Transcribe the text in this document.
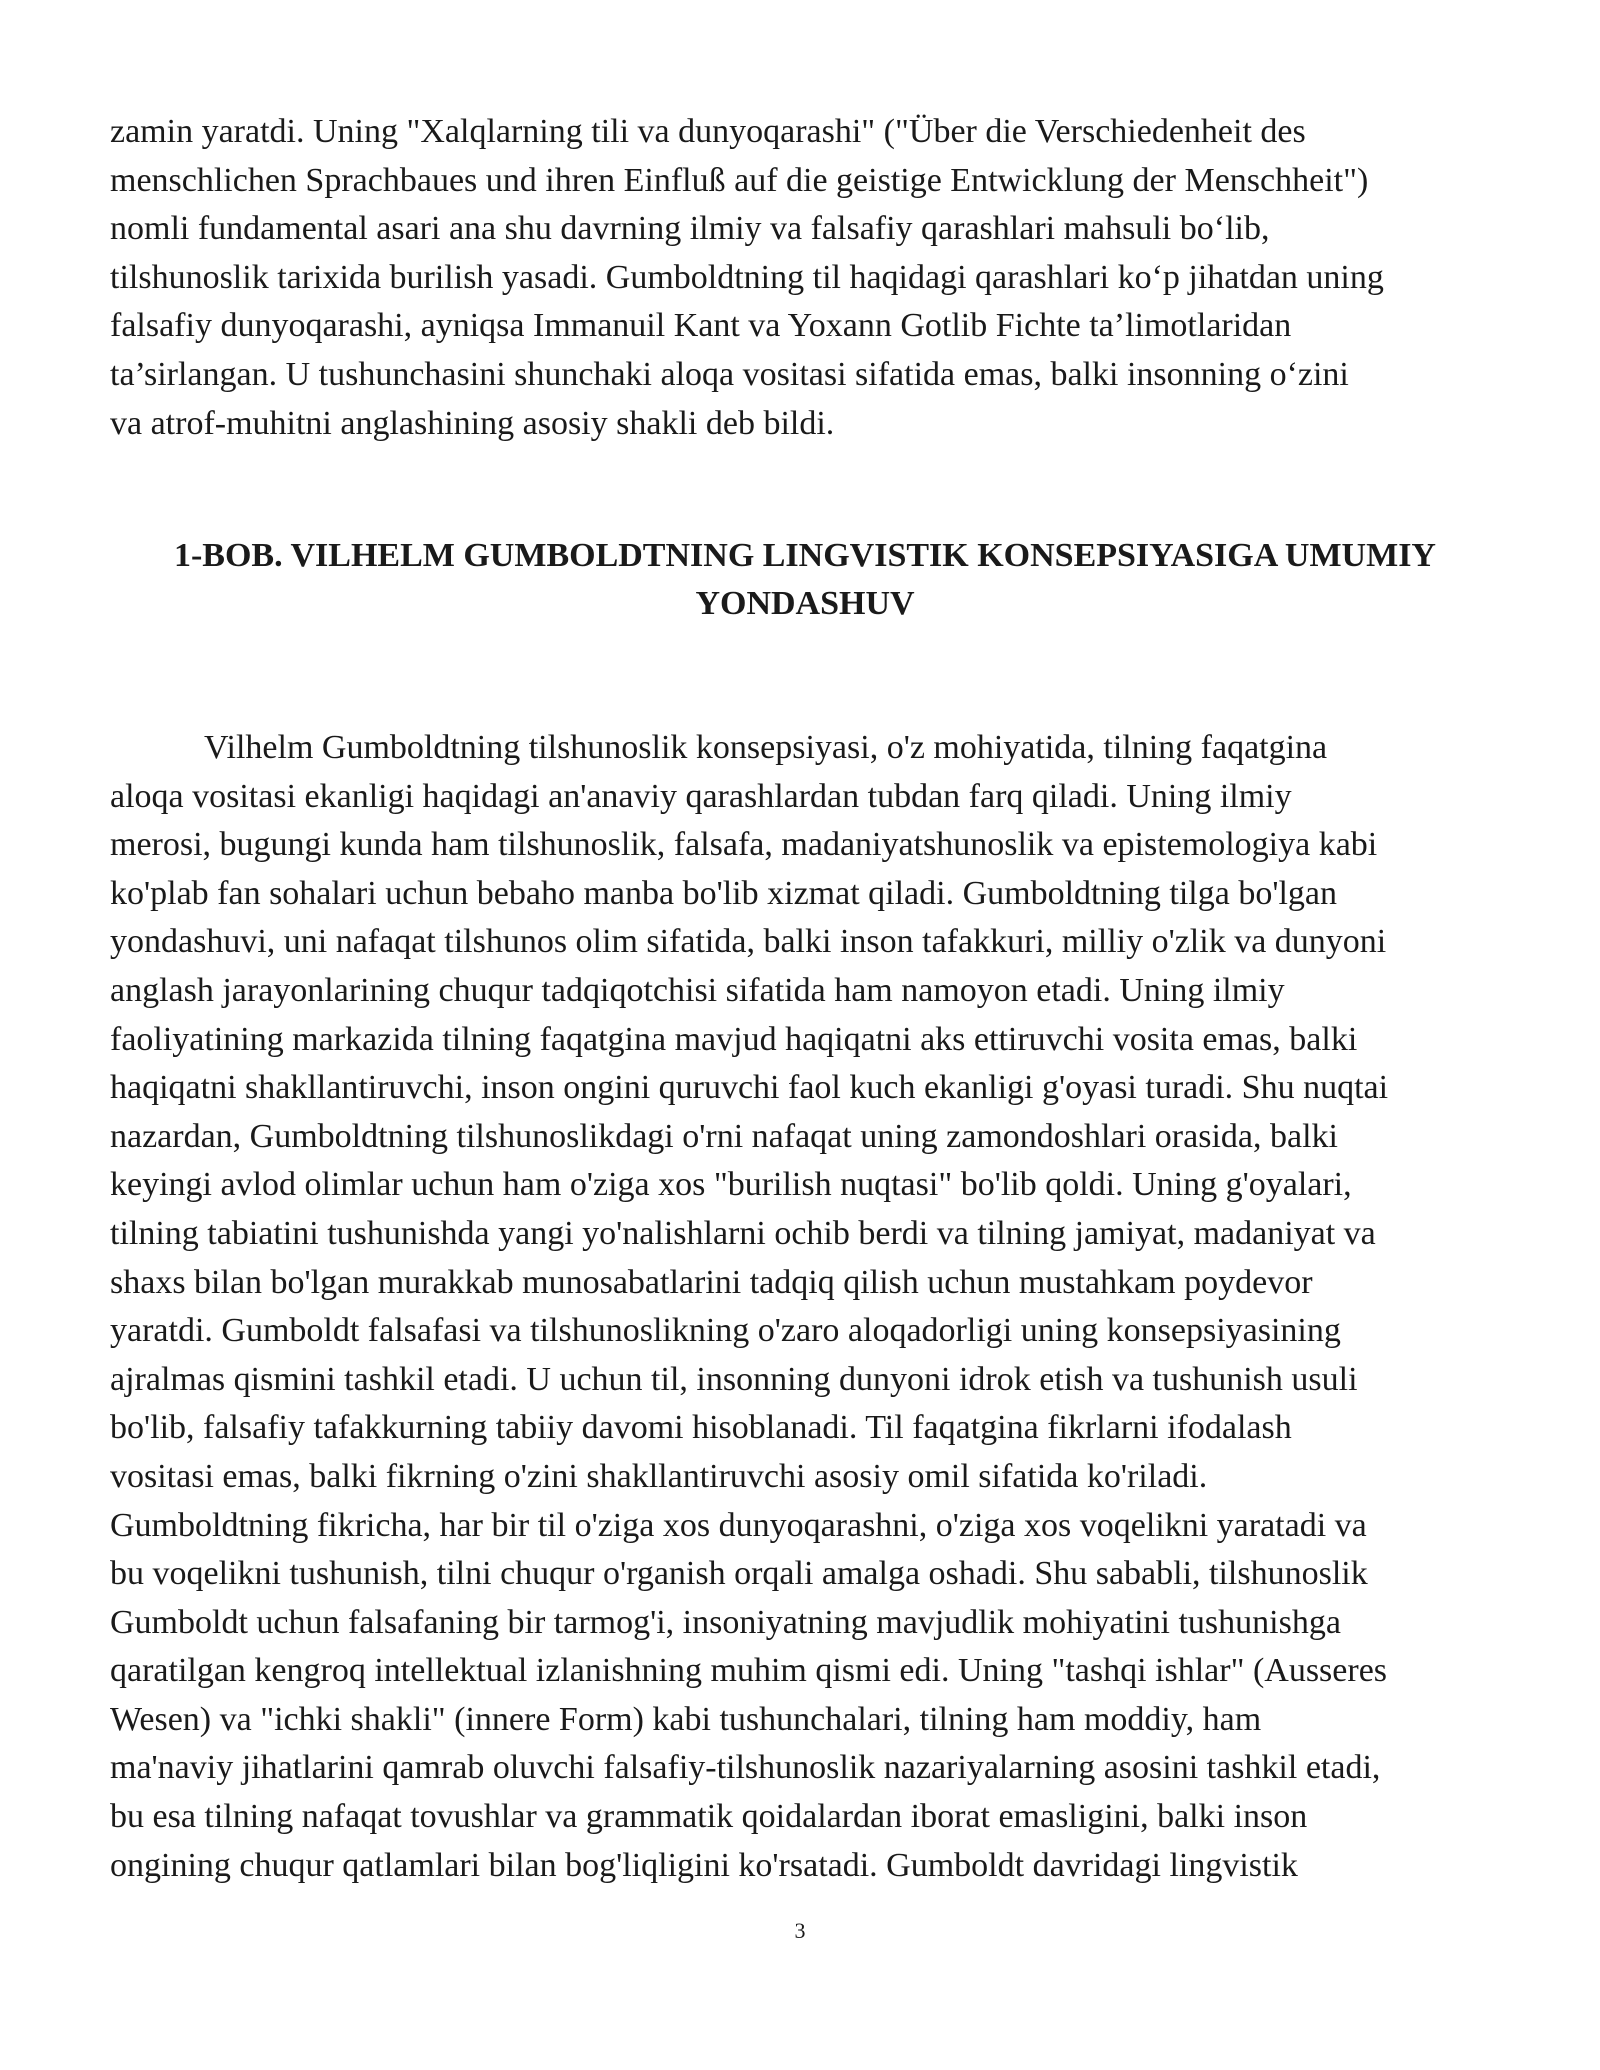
zamin yaratdi. Uning "Xalqlarning tili va dunyoqarashi" ("Über die Verschiedenheit des
menschlichen Sprachbaues und ihren Einfluß auf die geistige Entwicklung der Menschheit")
nomli fundamental asari ana shu davrning ilmiy va falsafiy qarashlari mahsuli bo‘lib,
tilshunoslik tarixida burilish yasadi. Gumboldtning til haqidagi qarashlari ko‘p jihatdan uning
falsafiy dunyoqarashi, ayniqsa Immanuil Kant va Yoxann Gotlib Fichte ta’limotlaridan
ta’sirlangan. U tushunchasini shunchaki aloqa vositasi sifatida emas, balki insonning o‘zini
va atrof-muhitni anglashining asosiy shakli deb bildi.
1-BOB. VILHELM GUMBOLDTNING LINGVISTIK KONSEPSIYASIGA UMUMIY
YONDASHUV
Vilhelm Gumboldtning tilshunoslik konsepsiyasi, o'z mohiyatida, tilning faqatgina
aloqa vositasi ekanligi haqidagi an'anaviy qarashlardan tubdan farq qiladi. Uning ilmiy
merosi, bugungi kunda ham tilshunoslik, falsafa, madaniyatshunoslik va epistemologiya kabi
ko'plab fan sohalari uchun bebaho manba bo'lib xizmat qiladi. Gumboldtning tilga bo'lgan
yondashuvi, uni nafaqat tilshunos olim sifatida, balki inson tafakkuri, milliy o'zlik va dunyoni
anglash jarayonlarining chuqur tadqiqotchisi sifatida ham namoyon etadi. Uning ilmiy
faoliyatining markazida tilning faqatgina mavjud haqiqatni aks ettiruvchi vosita emas, balki
haqiqatni shakllantiruvchi, inson ongini quruvchi faol kuch ekanligi g'oyasi turadi. Shu nuqtai
nazardan, Gumboldtning tilshunoslikdagi o'rni nafaqat uning zamondoshlari orasida, balki
keyingi avlod olimlar uchun ham o'ziga xos "burilish nuqtasi" bo'lib qoldi. Uning g'oyalari,
tilning tabiatini tushunishda yangi yo'nalishlarni ochib berdi va tilning jamiyat, madaniyat va
shaxs bilan bo'lgan murakkab munosabatlarini tadqiq qilish uchun mustahkam poydevor
yaratdi. Gumboldt falsafasi va tilshunoslikning o'zaro aloqadorligi uning konsepsiyasining
ajralmas qismini tashkil etadi. U uchun til, insonning dunyoni idrok etish va tushunish usuli
bo'lib, falsafiy tafakkurning tabiiy davomi hisoblanadi. Til faqatgina fikrlarni ifodalash
vositasi emas, balki fikrning o'zini shakllantiruvchi asosiy omil sifatida ko'riladi.
Gumboldtning fikricha, har bir til o'ziga xos dunyoqarashni, o'ziga xos voqelikni yaratadi va
bu voqelikni tushunish, tilni chuqur o'rganish orqali amalga oshadi. Shu sababli, tilshunoslik
Gumboldt uchun falsafaning bir tarmog'i, insoniyatning mavjudlik mohiyatini tushunishga
qaratilgan kengroq intellektual izlanishning muhim qismi edi. Uning "tashqi ishlar" (Ausseres
Wesen) va "ichki shakli" (innere Form) kabi tushunchalari, tilning ham moddiy, ham
ma'naviy jihatlarini qamrab oluvchi falsafiy-tilshunoslik nazariyalarning asosini tashkil etadi,
bu esa tilning nafaqat tovushlar va grammatik qoidalardan iborat emasligini, balki inson
ongining chuqur qatlamlari bilan bog'liqligini ko'rsatadi. Gumboldt davridagi lingvistik
3
